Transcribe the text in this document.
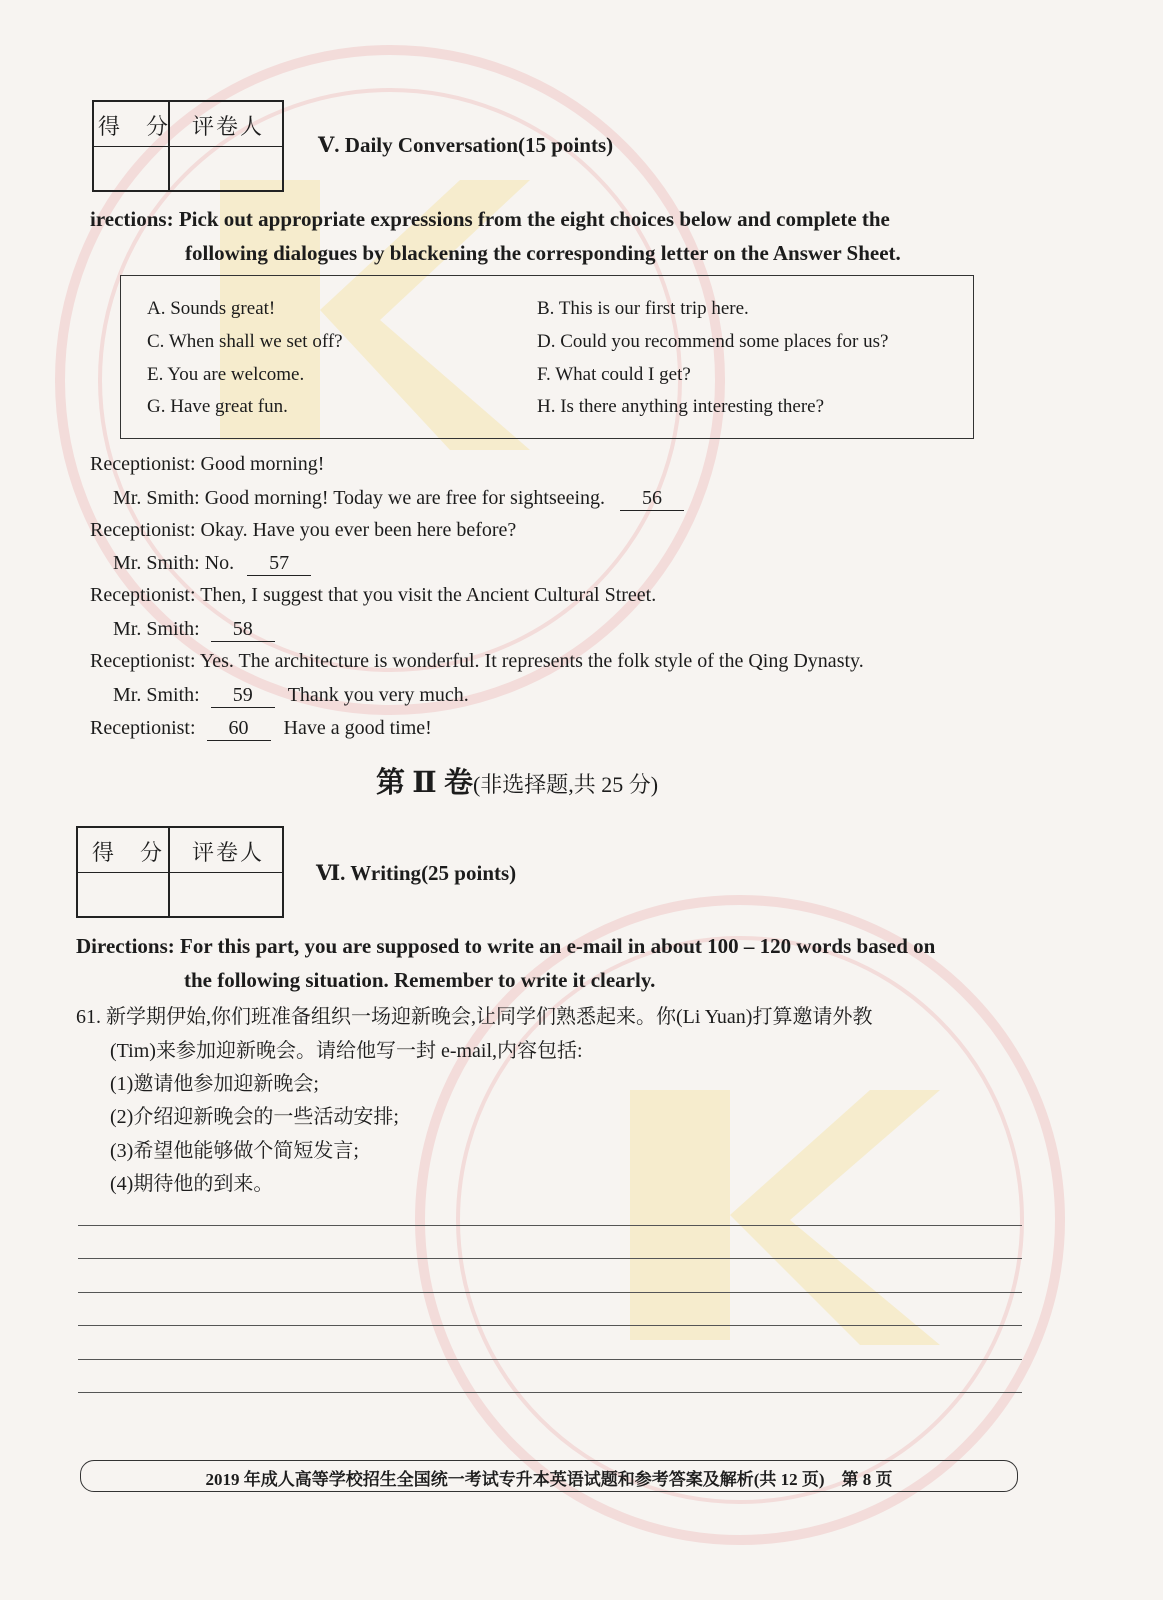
得　分 评卷人
Ⅴ. Daily Conversation(15 points)
irections: Pick out appropriate expressions from the eight choices below and complete the
following dialogues by blackening the corresponding letter on the Answer Sheet.
A. Sounds great!	B. This is our first trip here.
C. When shall we set off?	D. Could you recommend some places for us?
E. You are welcome.	F. What could I get?
G. Have great fun.	H. Is there anything interesting there?
Receptionist: Good morning!
Mr. Smith: Good morning! Today we are free for sightseeing. 56
Receptionist: Okay. Have you ever been here before?
Mr. Smith: No. 57
Receptionist: Then, I suggest that you visit the Ancient Cultural Street.
Mr. Smith: 58
Receptionist: Yes. The architecture is wonderful. It represents the folk style of the Qing Dynasty.
Mr. Smith: 59 Thank you very much.
Receptionist: 60 Have a good time!
第 Ⅱ 卷(非选择题,共 25 分)
得　分 评卷人
Ⅵ. Writing(25 points)
Directions: For this part, you are supposed to write an e-mail in about 100 – 120 words based on
the following situation. Remember to write it clearly.
61. 新学期伊始,你们班准备组织一场迎新晚会,让同学们熟悉起来。你(Li Yuan)打算邀请外教
(Tim)来参加迎新晚会。请给他写一封 e-mail,内容包括:
(1)邀请他参加迎新晚会;
(2)介绍迎新晚会的一些活动安排;
(3)希望他能够做个简短发言;
(4)期待他的到来。
2019 年成人高等学校招生全国统一考试专升本英语试题和参考答案及解析(共 12 页)　第 8 页
